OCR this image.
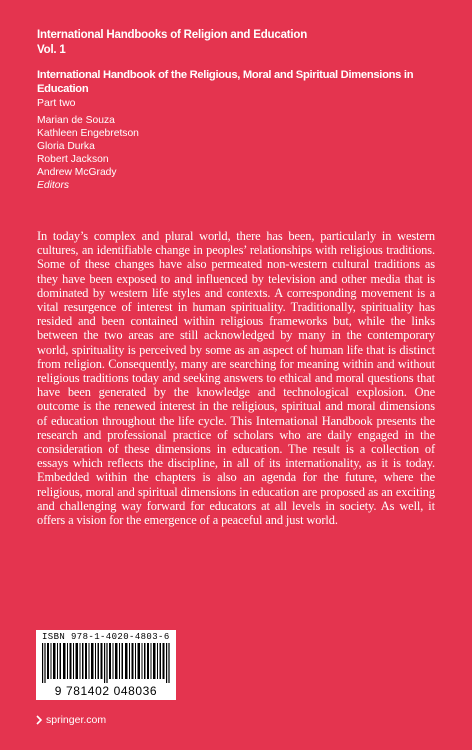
International Handbooks of Religion and Education
Vol. 1
International Handbook of the Religious, Moral and Spiritual Dimensions in Education
Part two
Marian de Souza
Kathleen Engebretson
Gloria Durka
Robert Jackson
Andrew McGrady
Editors
In today’s complex and plural world, there has been, particularly in western cultures, an identifiable change in peoples’ relationships with religious traditions. Some of these changes have also permeated non-western cultural traditions as they have been exposed to and influenced by television and other media that is dominated by western life styles and contexts. A corresponding movement is a vital resurgence of interest in human spirituality. Traditionally, spirituality has resided and been contained within religious frameworks but, while the links between the two areas are still acknowledged by many in the contemporary world, spirituality is perceived by some as an aspect of human life that is distinct from religion. Consequently, many are searching for meaning within and without religious traditions today and seeking answers to ethical and moral questions that have been generated by the knowledge and technological explosion. One outcome is the renewed interest in the religious, spiritual and moral dimensions of education throughout the life cycle. This International Handbook presents the research and professional practice of scholars who are daily engaged in the consideration of these dimensions in education. The result is a collection of essays which reflects the discipline, in all of its internationality, as it is today. Embedded within the chapters is also an agenda for the future, where the religious, moral and spiritual dimensions in education are proposed as an exciting and challenging way forward for educators at all levels in society. As well, it offers a vision for the emergence of a peaceful and just world.
ISBN 978-1-4020-4803-6
9 781402 048036
springer.com
